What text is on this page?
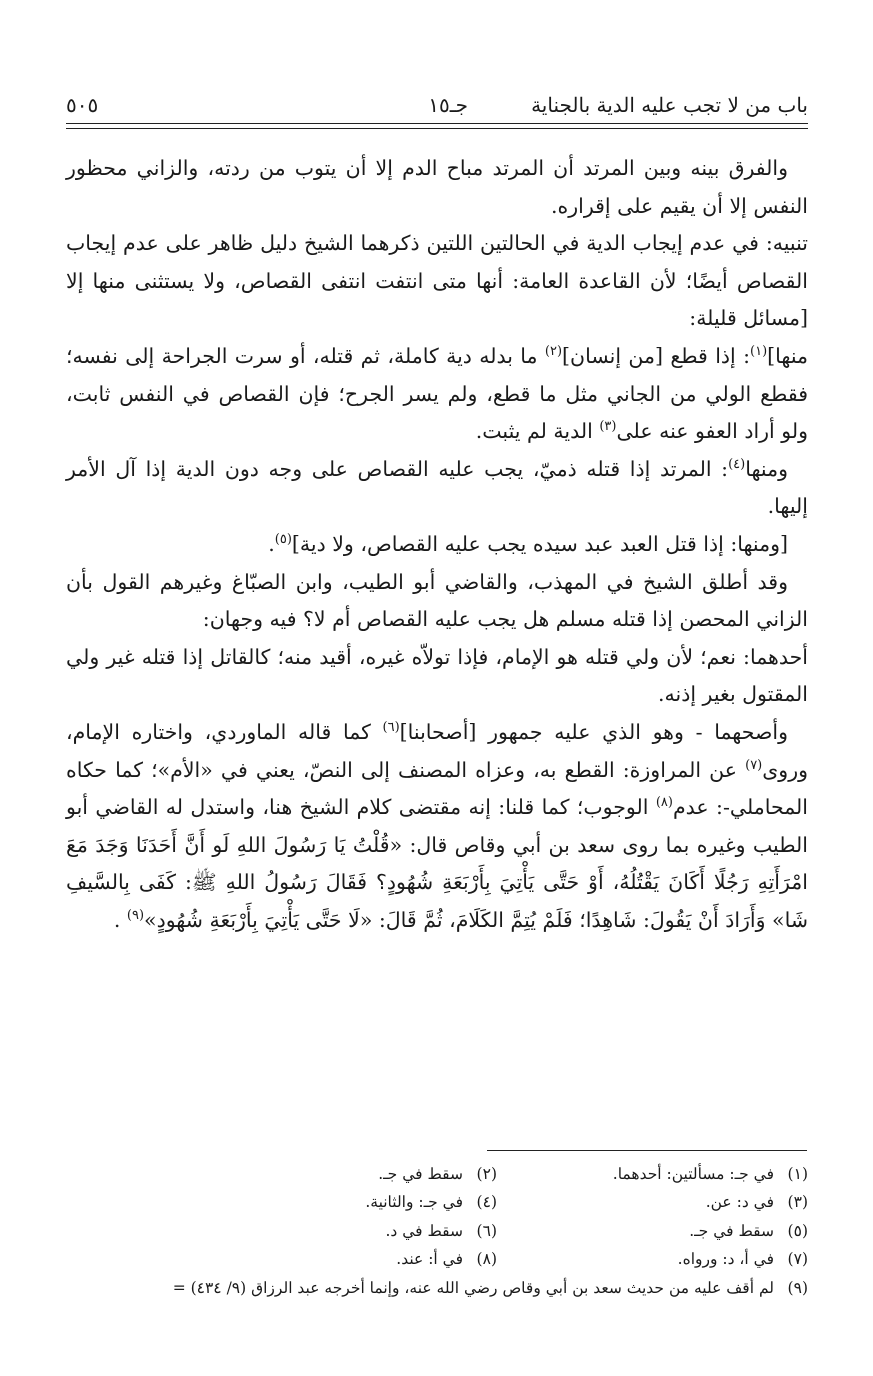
باب من لا تجب عليه الدية بالجناية
جـ١٥
٥٠٥

والفرق بينه وبين المرتد أن المرتد مباح الدم إلا أن يتوب من ردته، والزاني محظور النفس إلا أن يقيم على إقراره.

تنبيه: في عدم إيجاب الدية في الحالتين اللتين ذكرهما الشيخ دليل ظاهر على عدم إيجاب القصاص أيضًا؛ لأن القاعدة العامة: أنها متى انتفت انتفى القصاص، ولا يستثنى منها إلا [مسائل قليلة:

منها]$^{(١)}$: إذا قطع [من إنسان]$^{(٢)}$ ما بدله دية كاملة، ثم قتله، أو سرت الجراحة إلى نفسه؛ فقطع الولي من الجاني مثل ما قطع، ولم يسر الجرح؛ فإن القصاص في النفس ثابت، ولو أراد العفو عنه على$^{(٣)}$ الدية لم يثبت.

ومنها$^{(٤)}$: المرتد إذا قتله ذميّ، يجب عليه القصاص على وجه دون الدية إذا آل الأمر إليها.

[ومنها: إذا قتل العبد عبد سيده يجب عليه القصاص، ولا دية]$^{(٥)}$.

وقد أطلق الشيخ في المهذب، والقاضي أبو الطيب، وابن الصبّاغ وغيرهم القول بأن الزاني المحصن إذا قتله مسلم هل يجب عليه القصاص أم لا؟ فيه وجهان:

أحدهما: نعم؛ لأن ولي قتله هو الإمام، فإذا تولاّه غيره، أقيد منه؛ كالقاتل إذا قتله غير ولي المقتول بغير إذنه.

وأصحهما - وهو الذي عليه جمهور [أصحابنا]$^{(٦)}$ كما قاله الماوردي، واختاره الإمام، وروى$^{(٧)}$ عن المراوزة: القطع به، وعزاه المصنف إلى النصّ، يعني في «الأم»؛ كما حكاه المحاملي-: عدم$^{(٨)}$ الوجوب؛ كما قلنا: إنه مقتضى كلام الشيخ هنا، واستدل له القاضي أبو الطيب وغيره بما روى سعد بن أبي وقاص قال: «قُلْتُ يَا رَسُولَ اللهِ لَو أَنَّ أَحَدَنَا وَجَدَ مَعَ امْرَأَتِهِ رَجُلًا أَكَانَ يَقْتُلُهُ، أَوْ حَتَّى يَأْتِيَ بِأَرْبَعَةِ شُهُودٍ؟ فَقَالَ رَسُولُ اللهِ ﷺ: كَفَى بِالسَّيفِ شَا» وَأَرَادَ أَنْ يَقُولَ: شَاهِدًا؛ فَلَمْ يُتِمَّ الكَلَامَ، ثُمَّ قَالَ: «لَا حَتَّى يَأْتِيَ بِأَرْبَعَةِ شُهُودٍ»$^{(٩)}$ .

(١)في جـ: مسألتين: أحدهما.
(٢)سقط في جـ.
(٣)في د: عن.
(٤)في جـ: والثانية.
(٥)سقط في جـ.
(٦)سقط في د.
(٧)في أ، د: ورواه.
(٨)في أ: عند.
(٩)
لم أقف عليه من حديث سعد بن أبي وقاص رضي الله عنه، وإنما أخرجه عبد الرزاق (٩/ ٤٣٤) =
